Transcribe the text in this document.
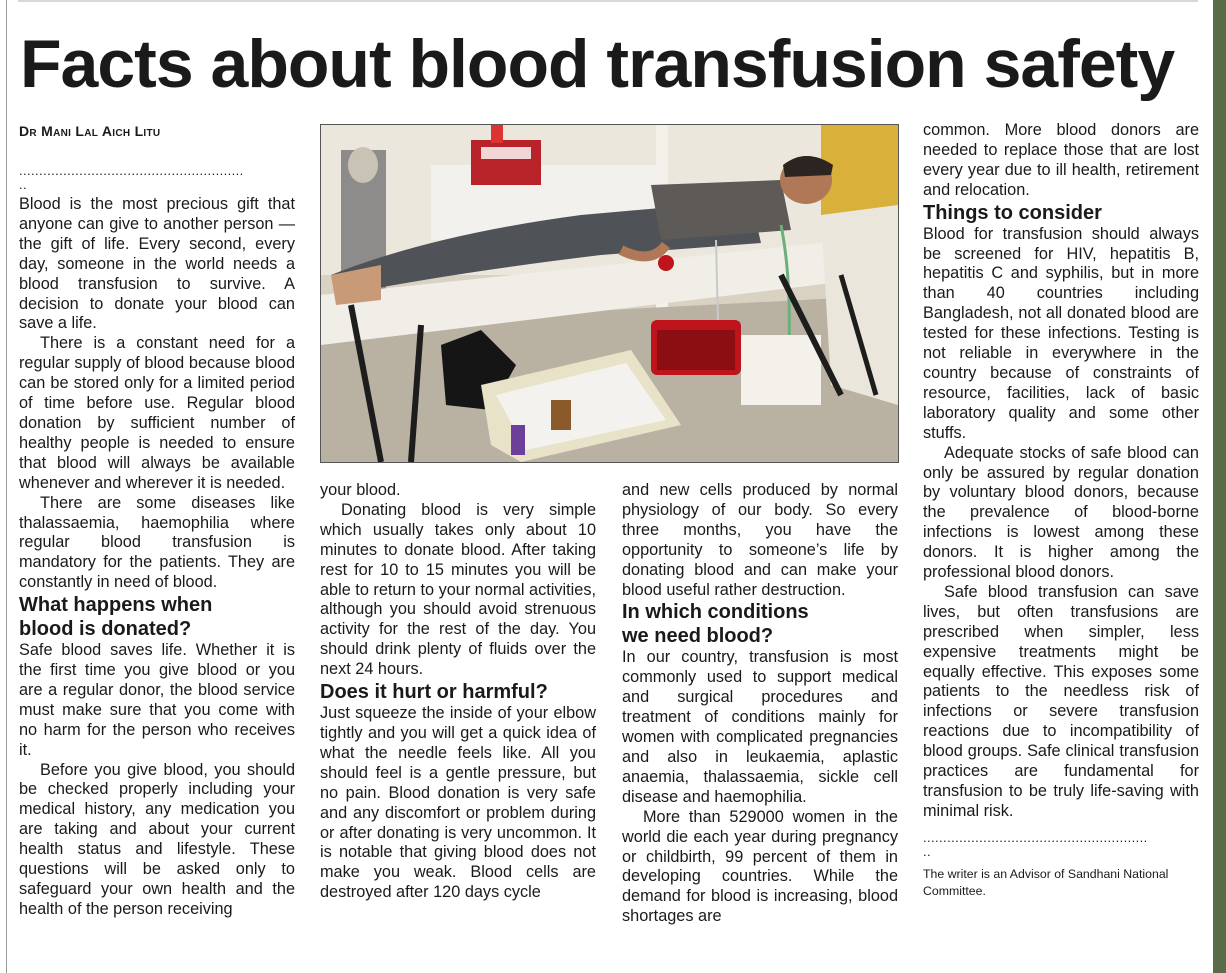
Facts about blood transfusion safety
Dr Mani Lal Aich Litu
........................................................
..

Blood is the most precious gift that anyone can give to another person — the gift of life. Every second, every day, someone in the world needs a blood transfusion to survive. A decision to donate your blood can save a life.

There is a constant need for a regular supply of blood because blood can be stored only for a limited period of time before use. Regular blood donation by sufficient number of healthy people is needed to ensure that blood will always be available whenever and wherever it is needed.

There are some diseases like thalassaemia, haemophilia where regular blood transfusion is mandatory for the patients. They are constantly in need of blood.

What happens when
blood is donated?

Safe blood saves life. Whether it is the first time you give blood or you are a regular donor, the blood service must make sure that you come with no harm for the person who receives it.

Before you give blood, you should be checked properly including your medical history, any medication you are taking and about your current health status and lifestyle. These questions will be asked only to safeguard your own health and the health of the person receiving

your blood.

Donating blood is very simple which usually takes only about 10 minutes to donate blood. After taking rest for 10 to 15 minutes you will be able to return to your normal activities, although you should avoid strenuous activity for the rest of the day. You should drink plenty of fluids over the next 24 hours.

Does it hurt or harmful?

Just squeeze the inside of your elbow tightly and you will get a quick idea of what the needle feels like. All you should feel is a gentle pressure, but no pain. Blood donation is very safe and any discomfort or problem during or after donating is very uncommon. It is notable that giving blood does not make you weak. Blood cells are destroyed after 120 days cycle

and new cells produced by normal physiology of our body. So every three months, you have the opportunity to someone’s life by donating blood and can make your blood useful rather destruction.

In which conditions
we need blood?

In our country, transfusion is most commonly used to support medical and surgical procedures and treatment of conditions mainly for women with complicated pregnancies and also in leukaemia, aplastic anaemia, thalassaemia, sickle cell disease and haemophilia.

More than 529000 women in the world die each year during pregnancy or childbirth, 99 percent of them in developing countries. While the demand for blood is increasing, blood shortages are

common. More blood donors are needed to replace those that are lost every year due to ill health, retirement and relocation.

Things to consider

Blood for transfusion should always be screened for HIV, hepatitis B, hepatitis C and syphilis, but in more than 40 countries including Bangladesh, not all donated blood are tested for these infections. Testing is not reliable in everywhere in the country because of constraints of resource, facilities, lack of basic laboratory quality and some other stuffs.

Adequate stocks of safe blood can only be assured by regular donation by voluntary blood donors, because the prevalence of blood-borne infections is lowest among these donors. It is higher among the professional blood donors.

Safe blood transfusion can save lives, but often transfusions are prescribed when simpler, less expensive treatments might be equally effective. This exposes some patients to the needless risk of infections or severe transfusion reactions due to incompatibility of blood groups. Safe clinical transfusion practices are fundamental for transfusion to be truly life-saving with minimal risk.

........................................................
..
The writer is an Advisor of Sandhani National Committee.
